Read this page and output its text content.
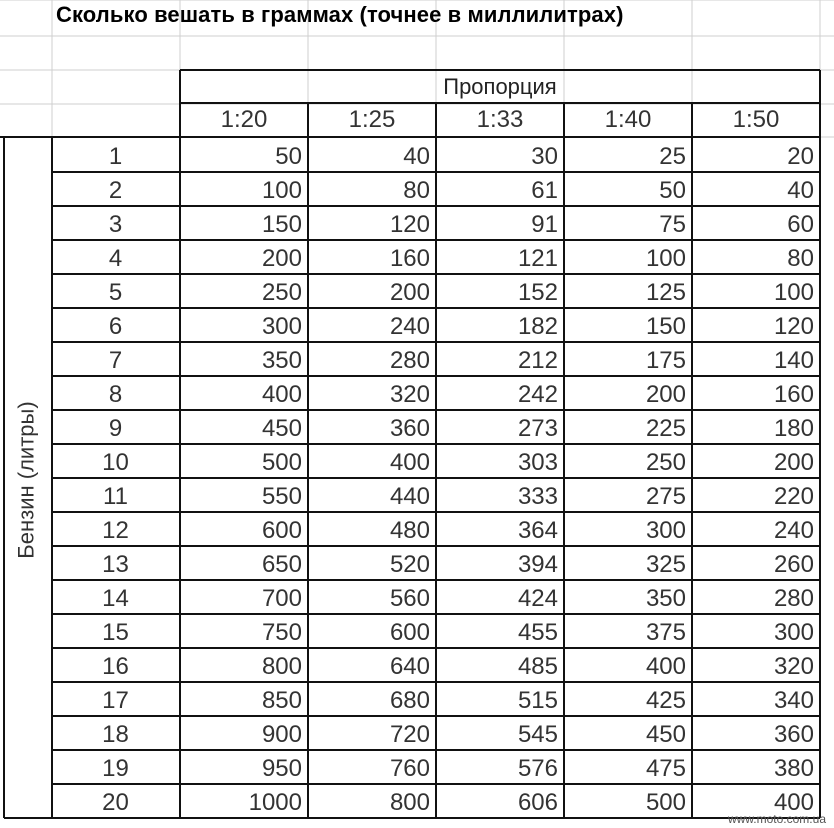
Сколько вешать в граммах (точнее в миллилитрах)
Пропорция
1:20	1:25	1:33	1:40	1:50
1	50	40	30	25	20
2	100	80	61	50	40
3	150	120	91	75	60
4	200	160	121	100	80
5	250	200	152	125	100
6	300	240	182	150	120
7	350	280	212	175	140
8	400	320	242	200	160
9	450	360	273	225	180
10	500	400	303	250	200
11	550	440	333	275	220
12	600	480	364	300	240
13	650	520	394	325	260
14	700	560	424	350	280
15	750	600	455	375	300
16	800	640	485	400	320
17	850	680	515	425	340
18	900	720	545	450	360
19	950	760	576	475	380
20	1000	800	606	500	400
Бензин (литры)
www.moto.com.ua
